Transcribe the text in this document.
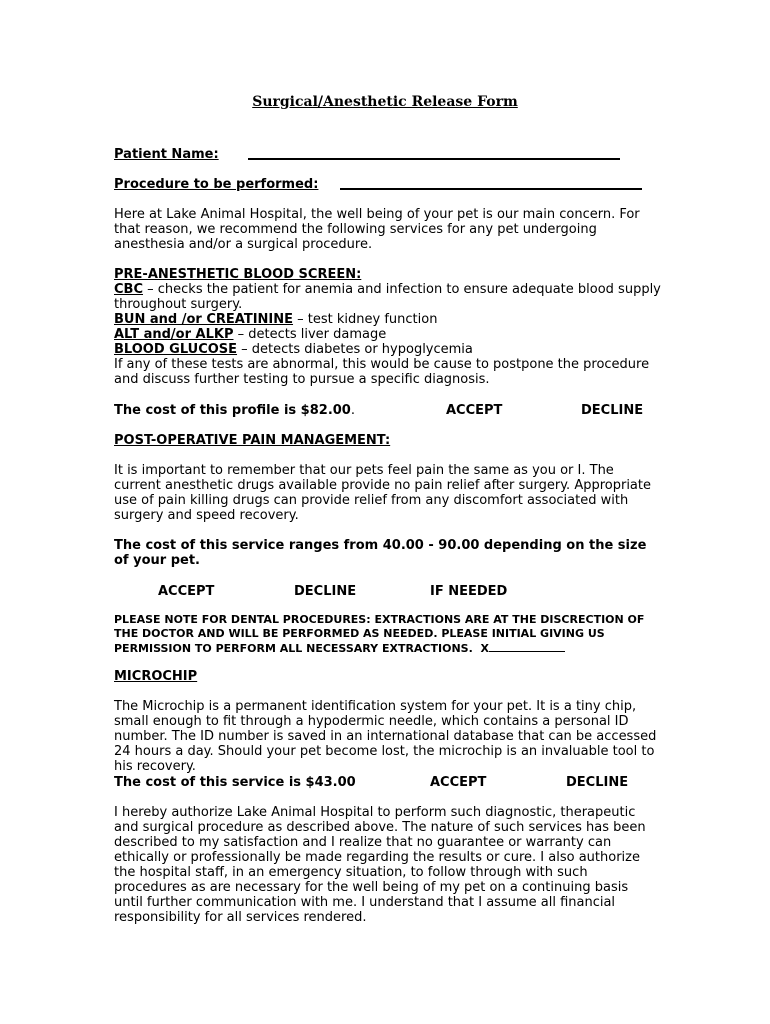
Surgical/Anesthetic Release Form
Patient Name:
Procedure to be performed:

Here at Lake Animal Hospital, the well being of your pet is our main concern. For that reason, we recommend the following services for any pet undergoing anesthesia and/or a surgical procedure.

PRE-ANESTHETIC BLOOD SCREEN:

CBC – checks the patient for anemia and infection to ensure adequate blood supply throughout surgery.

BUN and /or CREATININE – test kidney function

ALT and/or ALKP – detects liver damage

BLOOD GLUCOSE – detects diabetes or hypoglycemia

If any of these tests are abnormal, this would be cause to postpone the procedure and discuss further testing to pursue a specific diagnosis.

The cost of this profile is $82.00.	ACCEPT	DECLINE
POST-OPERATIVE PAIN MANAGEMENT:

It is important to remember that our pets feel pain the same as you or I. The current anesthetic drugs available provide no pain relief after surgery. Appropriate use of pain killing drugs can provide relief from any discomfort associated with surgery and speed recovery.

The cost of this service ranges from 40.00 - 90.00 depending on the size of your pet.

ACCEPT	DECLINE	IF NEEDED

PLEASE NOTE FOR DENTAL PROCEDURES: EXTRACTIONS ARE AT THE DISCRECTION OF THE DOCTOR AND WILL BE PERFORMED AS NEEDED. PLEASE INITIAL GIVING US PERMISSION TO PERFORM ALL NECESSARY EXTRACTIONS. X

MICROCHIP

The Microchip is a permanent identification system for your pet. It is a tiny chip, small enough to fit through a hypodermic needle, which contains a personal ID number. The ID number is saved in an international database that can be accessed 24 hours a day. Should your pet become lost, the microchip is an invaluable tool to his recovery.

The cost of this service is $43.00	ACCEPT	DECLINE

I hereby authorize Lake Animal Hospital to perform such diagnostic, therapeutic and surgical procedure as described above. The nature of such services has been described to my satisfaction and I realize that no guarantee or warranty can ethically or professionally be made regarding the results or cure. I also authorize the hospital staff, in an emergency situation, to follow through with such procedures as are necessary for the well being of my pet on a continuing basis until further communication with me. I understand that I assume all financial responsibility for all services rendered.
